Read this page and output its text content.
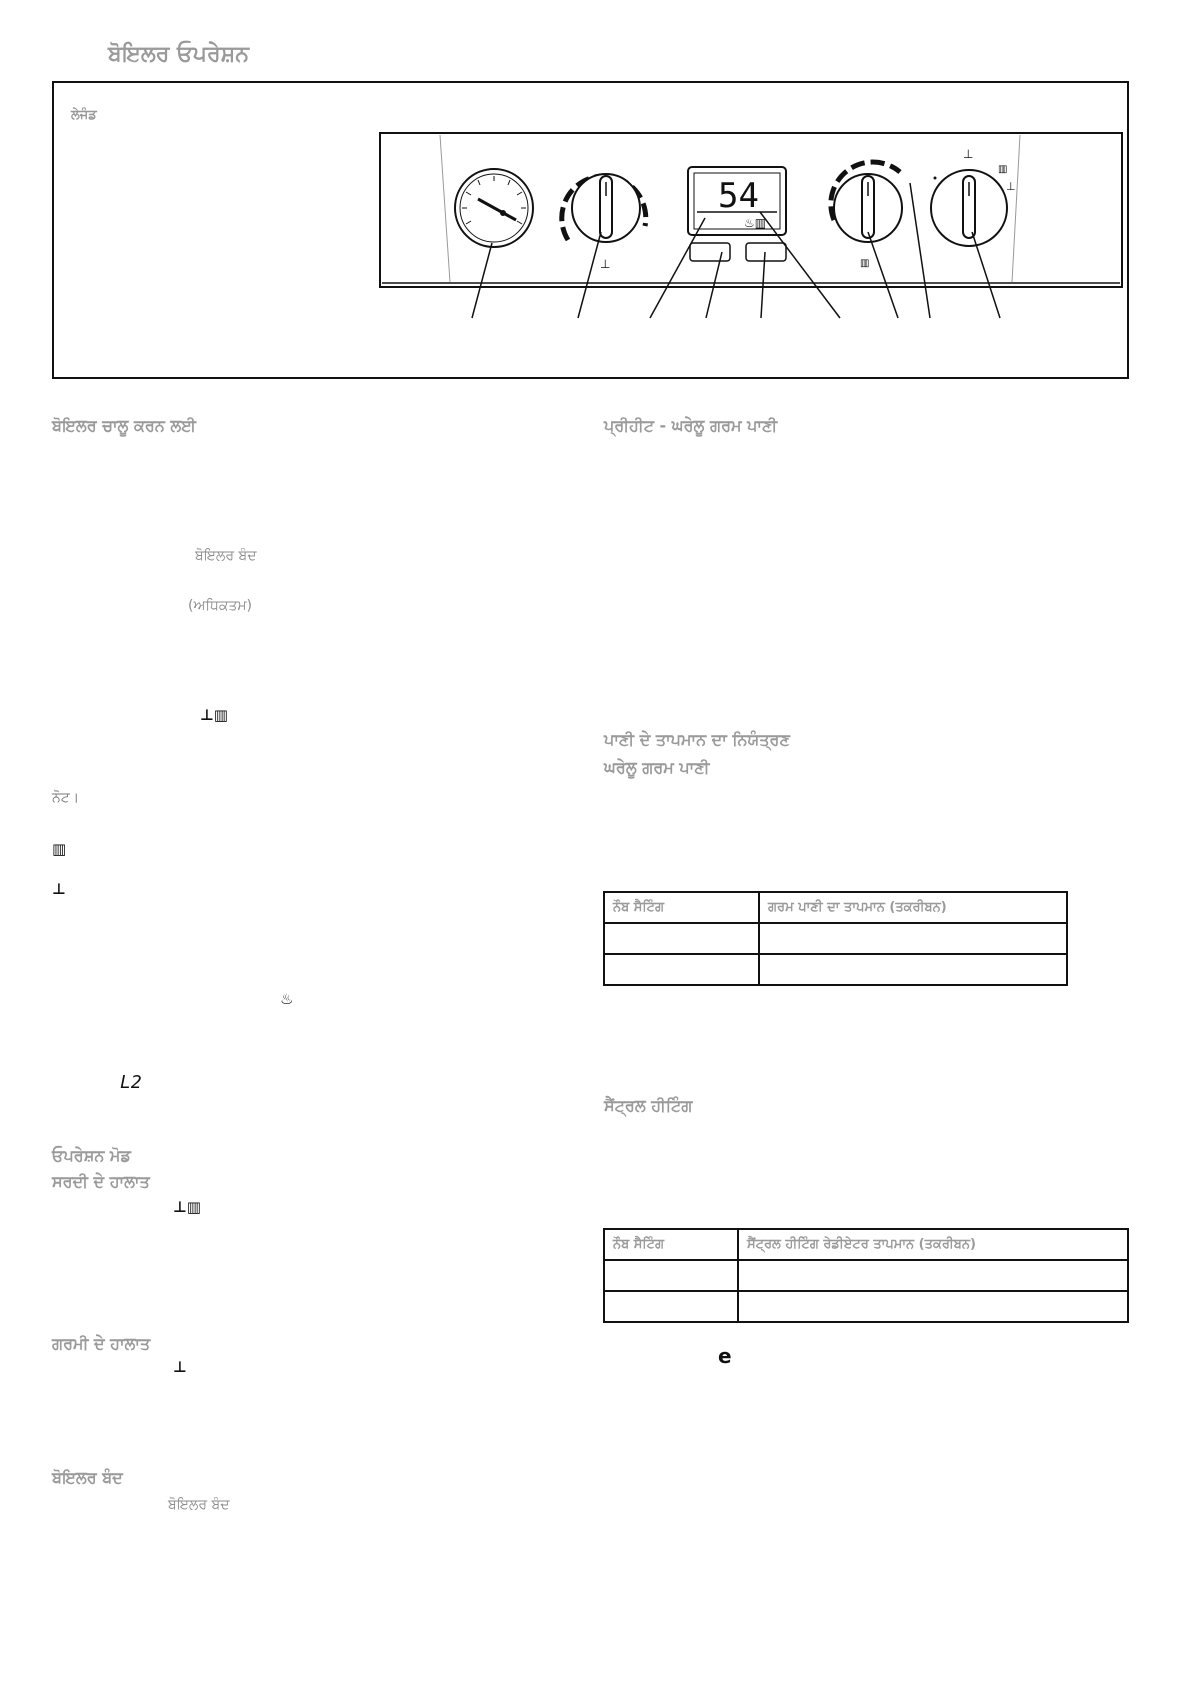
ਬੋਇਲਰ ਓਪਰੇਸ਼ਨ
ਲੇਜੰਡ
⊥
54
♨▥
▥
⊥
▥
⊥
ਬੋਇਲਰ ਚਾਲੂ ਕਰਨ ਲਈ
ਬੋਇਲਰ ਬੰਦ
(ਅਧਿਕਤਮ)
⊥▥
ਨੋਟ।
▥
⊥
♨
L2
ਓਪਰੇਸ਼ਨ ਮੋਡ
ਸਰਦੀ ਦੇ ਹਾਲਾਤ
⊥▥
ਗਰਮੀ ਦੇ ਹਾਲਾਤ
⊥
ਬੋਇਲਰ ਬੰਦ
ਬੋਇਲਰ ਬੰਦ
ਪ੍ਰੀਹੀਟ - ਘਰੇਲੂ ਗਰਮ ਪਾਣੀ
ਪਾਣੀ ਦੇ ਤਾਪਮਾਨ ਦਾ ਨਿਯੰਤ੍ਰਣ
ਘਰੇਲੂ ਗਰਮ ਪਾਣੀ
ਨੌਬ ਸੈਟਿੰਗ	ਗਰਮ ਪਾਣੀ ਦਾ ਤਾਪਮਾਨ (ਤਕਰੀਬਨ)

ਸੈਂਟ੍ਰਲ ਹੀਟਿੰਗ
ਨੌਬ ਸੈਟਿੰਗ	ਸੈਂਟ੍ਰਲ ਹੀਟਿੰਗ ਰੇਡੀਏਟਰ ਤਾਪਮਾਨ (ਤਕਰੀਬਨ)

e
